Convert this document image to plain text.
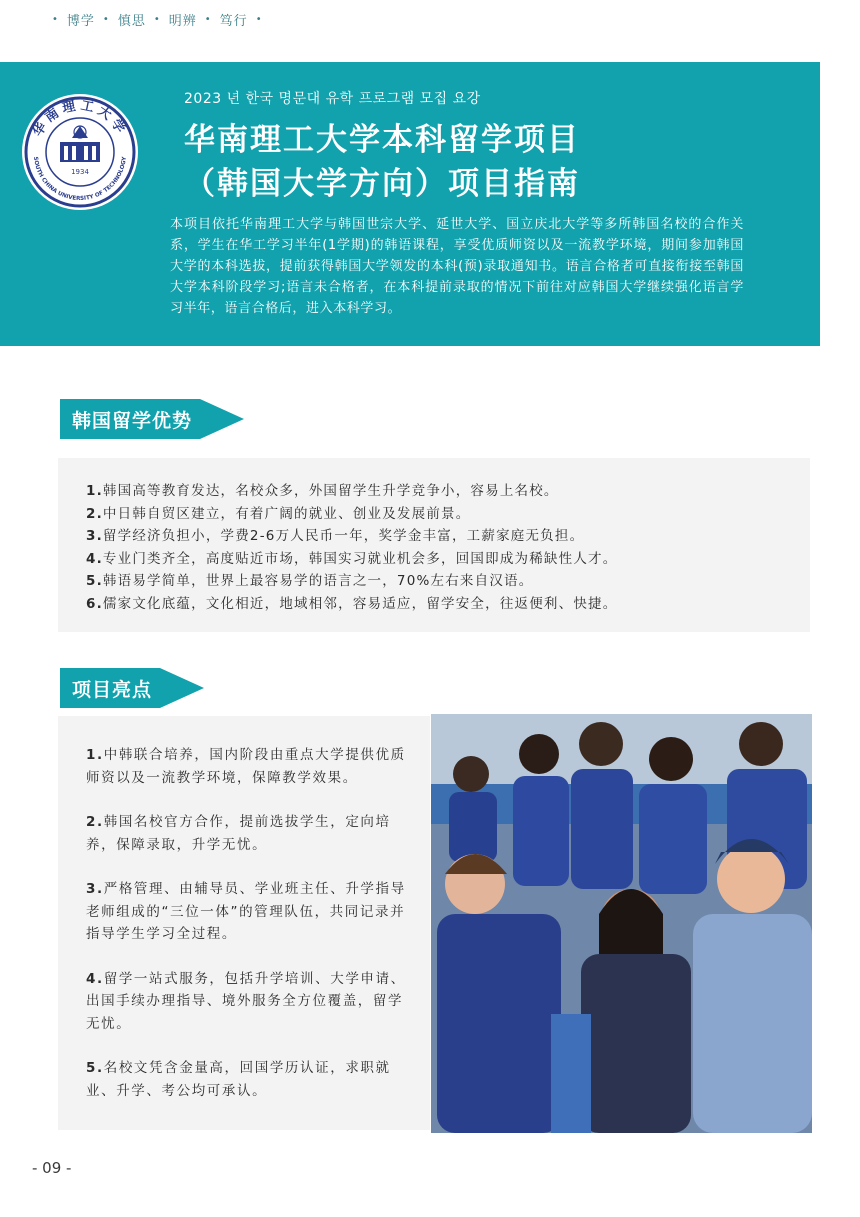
• 博学 • 慎思 • 明辨 • 笃行 •
华南理工大学
SOUTH CHINA UNIVERSITY OF TECHNOLOGY
1934
2023 년 한국 명문대 유학 프로그램 모집 요강
华南理工大学本科留学项目
（韩国大学方向）项目指南
本项目依托华南理工大学与韩国世宗大学、延世大学、国立庆北大学等多所韩国名校的合作关系，学生在华工学习半年(1学期)的韩语课程，享受优质师资以及一流教学环境，期间参加韩国大学的本科选拔，提前获得韩国大学领发的本科(预)录取通知书。语言合格者可直接衔接至韩国大学本科阶段学习;语言未合格者，在本科提前录取的情况下前往对应韩国大学继续强化语言学习半年，语言合格后，进入本科学习。
韩国留学优势
1.韩国高等教育发达，名校众多，外国留学生升学竞争小，容易上名校。
2.中日韩自贸区建立，有着广阔的就业、创业及发展前景。
3.留学经济负担小，学费2-6万人民币一年，奖学金丰富，工薪家庭无负担。
4.专业门类齐全，高度贴近市场，韩国实习就业机会多，回国即成为稀缺性人才。
5.韩语易学简单，世界上最容易学的语言之一，70%左右来自汉语。
6.儒家文化底蕴，文化相近，地域相邻，容易适应，留学安全，往返便利、快捷。
项目亮点
1.中韩联合培养，国内阶段由重点大学提供优质师资以及一流教学环境，保障教学效果。
2.韩国名校官方合作，提前选拔学生，定向培养，保障录取，升学无忧。
3.严格管理、由辅导员、学业班主任、升学指导老师组成的“三位一体”的管理队伍，共同记录并指导学生学习全过程。
4.留学一站式服务，包括升学培训、大学申请、出国手续办理指导、境外服务全方位覆盖，留学无忧。
5.名校文凭含金量高，回国学历认证，求职就业、升学、考公均可承认。
- 09 -
